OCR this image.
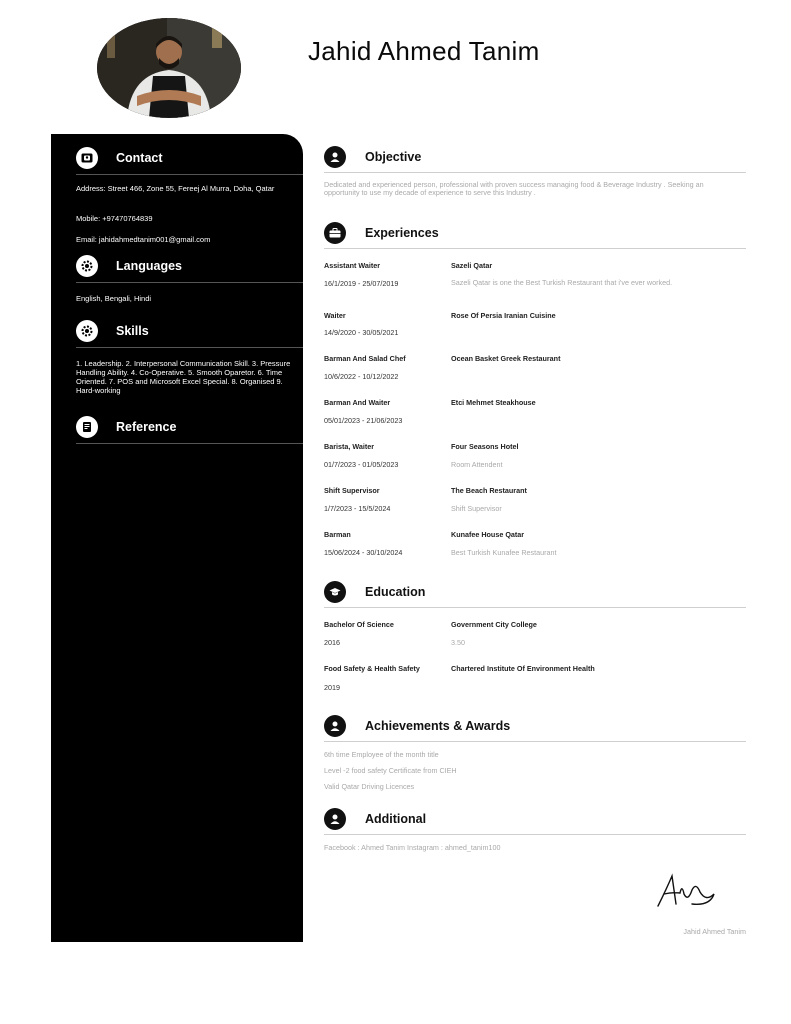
Jahid Ahmed Tanim
Contact
Address: Street 466, Zone 55, Fereej Al Murra, Doha, Qatar
Mobile: +97470764839
Email: jahidahmedtanim001@gmail.com
Languages
English, Bengali, Hindi
Skills
1. Leadership. 2. Interpersonal Communication Skill. 3. Pressure Handling Ability. 4. Co-Operative. 5. Smooth Oparetor. 6. Time Oriented. 7. POS and Microsoft Excel Special. 8. Organised 9. Hard-working
Reference
Objective
Dedicated and experienced person, professional with proven success managing food & Beverage Industry . Seeking an opportunity to use my decade of experience to serve this Industry .
Experiences
Assistant Waiter	Sazeli Qatar
16/1/2019 - 25/07/2019	Sazeli Qatar is one the Best Turkish Restaurant that i've ever worked.
Waiter	Rose Of Persia Iranian Cuisine
14/9/2020 - 30/05/2021
Barman And Salad Chef	Ocean Basket Greek Restaurant
10/6/2022 - 10/12/2022
Barman And Waiter	Etci Mehmet Steakhouse
05/01/2023 - 21/06/2023
Barista, Waiter	Four Seasons Hotel
01/7/2023 - 01/05/2023	Room Attendent
Shift Supervisor	The Beach Restaurant
1/7/2023 - 15/5/2024	Shift Supervisor
Barman	Kunafee House Qatar
15/06/2024 - 30/10/2024	Best Turkish Kunafee Restaurant
Education
Bachelor Of Science	Government City College
2016	3.50
Food Safety & Health Safety	Chartered Institute Of Environment Health
2019
Achievements & Awards
6th time Employee of the month title
Level -2 food safety Certificate from CIEH
Valid Qatar Driving Licences
Additional
Facebook : Ahmed Tanim Instagram : ahmed_tanim100
Jahid Ahmed Tanim
